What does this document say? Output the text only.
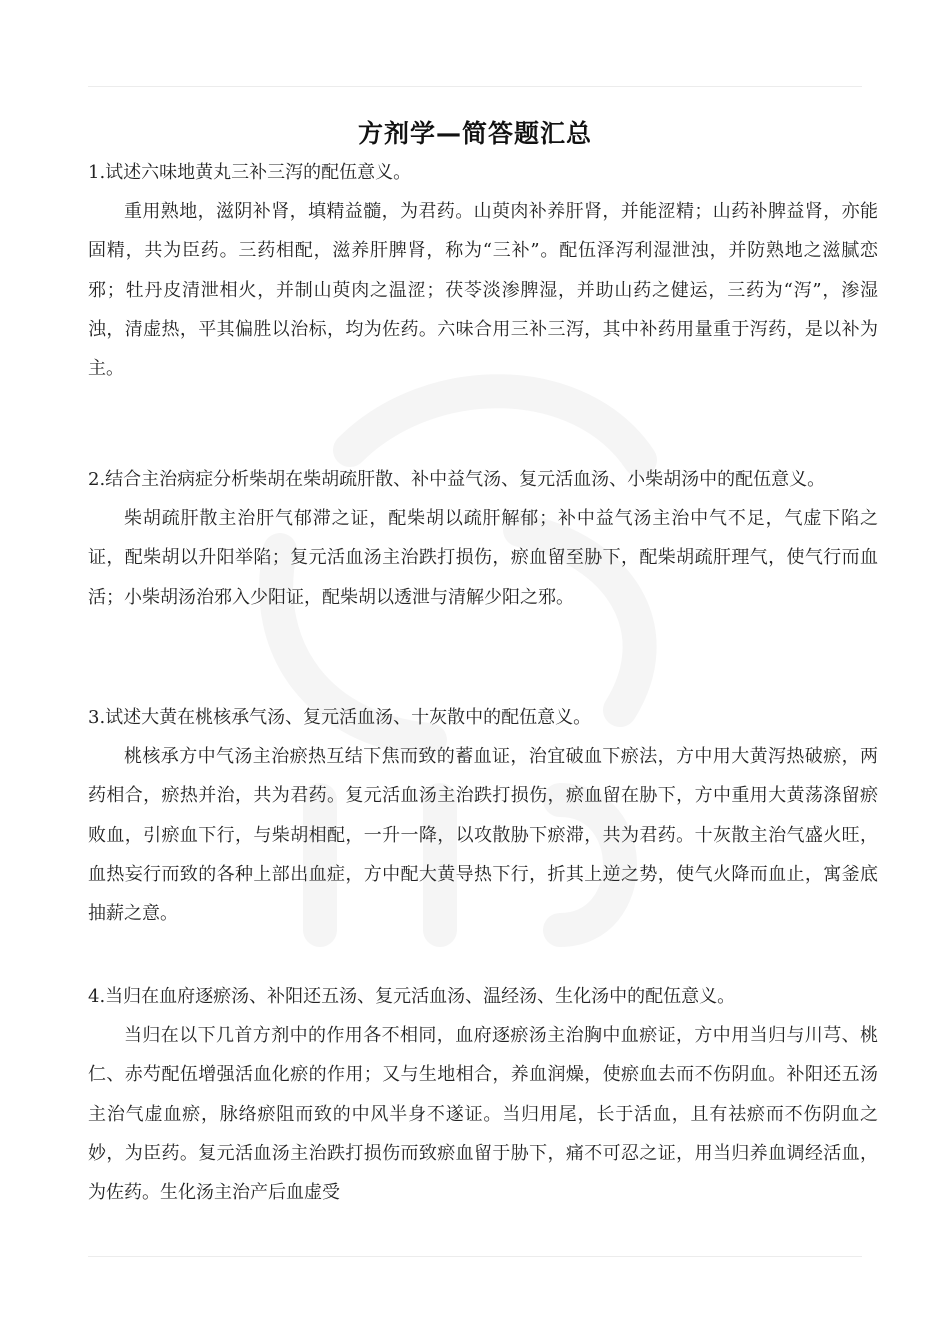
方剂学—简答题汇总

1.试述六味地黄丸三补三泻的配伍意义。

重用熟地，滋阴补肾，填精益髓，为君药。山萸肉补养肝肾，并能涩精；山药补脾益肾，亦能固精，共为臣药。三药相配，滋养肝脾肾，称为“三补”。配伍泽泻利湿泄浊，并防熟地之滋腻恋邪；牡丹皮清泄相火，并制山萸肉之温涩；茯苓淡渗脾湿，并助山药之健运，三药为“泻”，渗湿浊，清虚热，平其偏胜以治标，均为佐药。六味合用三补三泻，其中补药用量重于泻药，是以补为主。

2.结合主治病症分析柴胡在柴胡疏肝散、补中益气汤、复元活血汤、小柴胡汤中的配伍意义。

柴胡疏肝散主治肝气郁滞之证，配柴胡以疏肝解郁；补中益气汤主治中气不足，气虚下陷之证，配柴胡以升阳举陷；复元活血汤主治跌打损伤，瘀血留至胁下，配柴胡疏肝理气，使气行而血活；小柴胡汤治邪入少阳证，配柴胡以透泄与清解少阳之邪。

3.试述大黄在桃核承气汤、复元活血汤、十灰散中的配伍意义。

桃核承方中气汤主治瘀热互结下焦而致的蓄血证，治宜破血下瘀法，方中用大黄泻热破瘀，两药相合，瘀热并治，共为君药。复元活血汤主治跌打损伤，瘀血留在胁下，方中重用大黄荡涤留瘀败血，引瘀血下行，与柴胡相配，一升一降，以攻散胁下瘀滞，共为君药。十灰散主治气盛火旺，血热妄行而致的各种上部出血症，方中配大黄导热下行，折其上逆之势，使气火降而血止，寓釜底抽薪之意。

4.当归在血府逐瘀汤、补阳还五汤、复元活血汤、温经汤、生化汤中的配伍意义。

当归在以下几首方剂中的作用各不相同，血府逐瘀汤主治胸中血瘀证，方中用当归与川芎、桃仁、赤芍配伍增强活血化瘀的作用；又与生地相合，养血润燥，使瘀血去而不伤阴血。补阳还五汤主治气虚血瘀，脉络瘀阻而致的中风半身不遂证。当归用尾，长于活血，且有祛瘀而不伤阴血之妙，为臣药。复元活血汤主治跌打损伤而致瘀血留于胁下，痛不可忍之证，用当归养血调经活血，为佐药。生化汤主治产后血虚受
